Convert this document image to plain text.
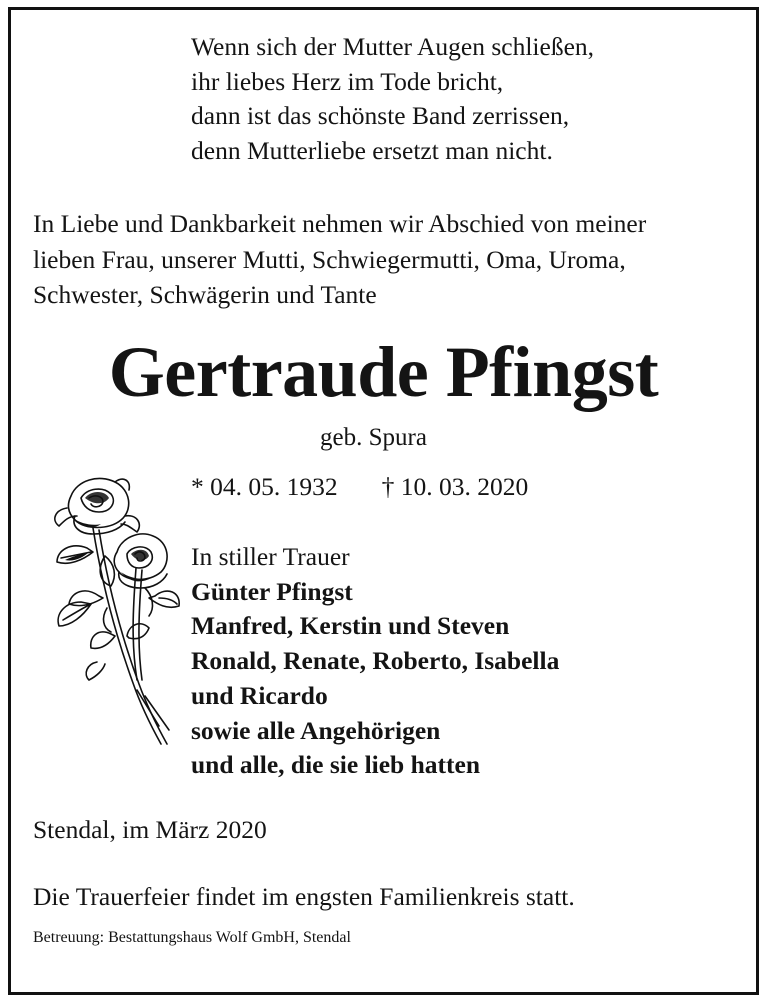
Wenn sich der Mutter Augen schließen,
ihr liebes Herz im Tode bricht,
dann ist das schönste Band zerrissen,
denn Mutterliebe ersetzt man nicht.
In Liebe und Dankbarkeit nehmen wir Abschied von meiner
lieben Frau, unserer Mutti, Schwiegermutti, Oma, Uroma,
Schwester, Schwägerin und Tante
Gertraude Pfingst
geb. Spura
* 04. 05. 1932 † 10. 03. 2020
In stiller Trauer
Günter Pfingst
Manfred, Kerstin und Steven
Ronald, Renate, Roberto, Isabella
und Ricardo
sowie alle Angehörigen
und alle, die sie lieb hatten
Stendal, im März 2020
Die Trauerfeier findet im engsten Familienkreis statt.
Betreuung: Bestattungshaus Wolf GmbH, Stendal
